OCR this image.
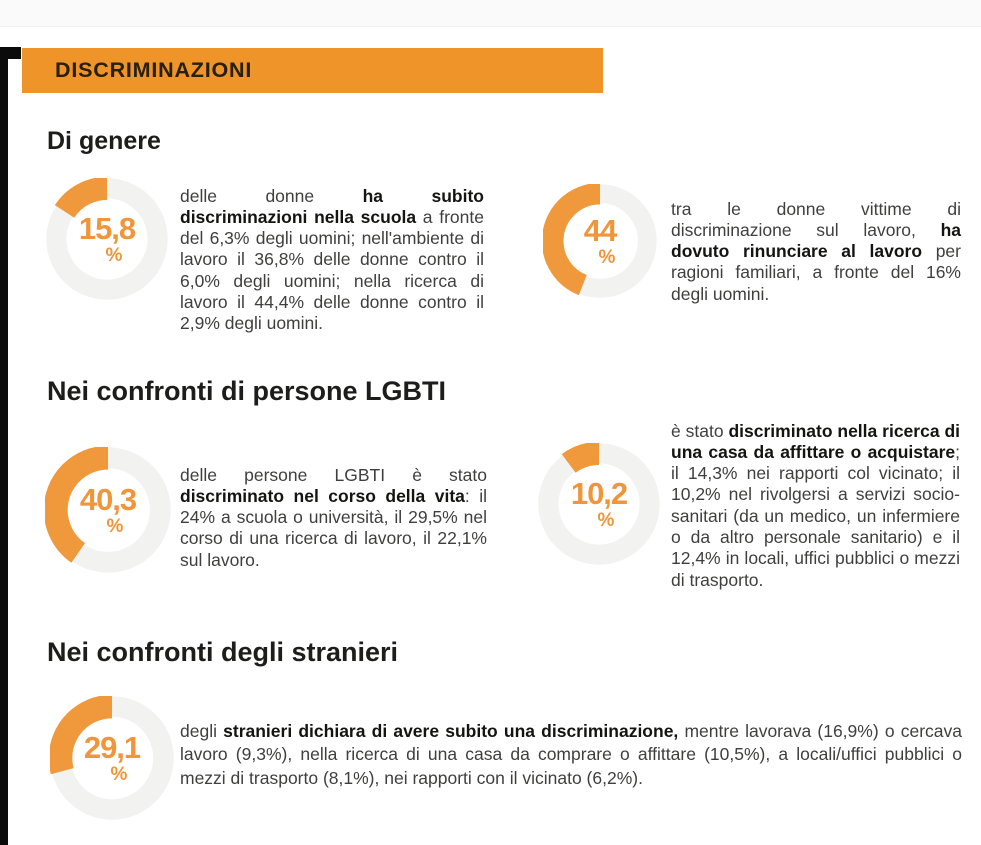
DISCRIMINAZIONI
Di genere
15,8
%

delle donne ha subito discriminazioni nella scuola a fronte del 6,3% degli uomini; nell'ambiente di lavoro il 36,8% delle donne contro il 6,0% degli uomini; nella ricerca di lavoro il 44,4% delle donne contro il 2,9% degli uomini.

44
%

tra le donne vittime di discriminazione sul lavoro, ha dovuto rinunciare al lavoro per ragioni familiari, a fronte del 16% degli uomini.

Nei confronti di persone LGBTI
40,3
%

delle persone LGBTI è stato discriminato nel corso della vita: il 24% a scuola o università, il 29,5% nel corso di una ricerca di lavoro, il 22,1% sul lavoro.

10,2
%

è stato discriminato nella ricerca di una casa da affittare o acquistare; il 14,3% nei rapporti col vicinato; il 10,2% nel rivolgersi a servizi socio-sanitari (da un medico, un infermiere o da altro personale sanitario) e il 12,4% in locali, uffici pubblici o mezzi di trasporto.

Nei confronti degli stranieri
29,1
%

degli stranieri dichiara di avere subito una discriminazione, mentre lavorava (16,9%) o cercava lavoro (9,3%), nella ricerca di una casa da comprare o affittare (10,5%), a locali/uffici pubblici o mezzi di trasporto (8,1%), nei rapporti con il vicinato (6,2%).
